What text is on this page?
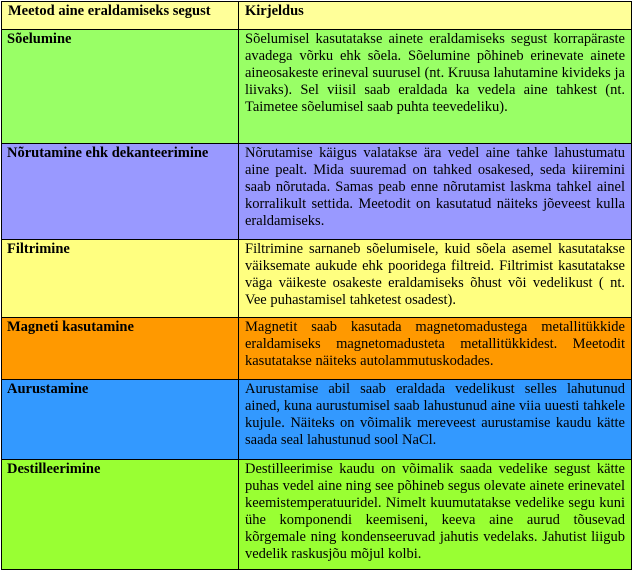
Meetod aine eraldamiseks segust	Kirjeldus
Sõelumine	Sõelumisel kasutatakse ainete eraldamiseks segust korrapäraste avadega võrku ehk sõela. Sõelumine põhineb erinevate ainete aineosakeste erineval suurusel (nt. Kruusa lahutamine kivideks ja liivaks). Sel viisil saab eraldada ka vedela aine tahkest (nt. Taimetee sõelumisel saab puhta teevedeliku).
Nõrutamine ehk dekanteerimine	Nõrutamise käigus valatakse ära vedel aine tahke lahustumatu aine pealt. Mida suuremad on tahked osakesed, seda kiiremini saab nõrutada. Samas peab enne nõrutamist laskma tahkel ainel korralikult settida. Meetodit on kasutatud näiteks jõeveest kulla eraldamiseks.
Filtrimine	Filtrimine sarnaneb sõelumisele, kuid sõela asemel kasutatakse väiksemate aukude ehk pooridega filtreid. Filtrimist kasutatakse väga väikeste osakeste eraldamiseks õhust või vedelikust ( nt. Vee puhastamisel tahketest osadest).
Magneti kasutamine	Magnetit saab kasutada magnetomadustega metallitükkide eraldamiseks magnetomadusteta metallitükkidest. Meetodit kasutatakse näiteks autolammutuskodades.
Aurustamine	Aurustamise abil saab eraldada vedelikust selles lahutunud ained, kuna aurustumisel saab lahustunud aine viia uuesti tahkele kujule. Näiteks on võimalik mereveest aurustamise kaudu kätte saada seal lahustunud sool NaCl.
Destilleerimine	Destilleerimise kaudu on võimalik saada vedelike segust kätte puhas vedel aine ning see põhineb segus olevate ainete erinevatel keemistemperatuuridel. Nimelt kuumutatakse vedelike segu kuni ühe komponendi keemiseni, keeva aine aurud tõusevad kõrgemale ning kondenseeruvad jahutis vedelaks. Jahutist liigub vedelik raskusjõu mõjul kolbi.
